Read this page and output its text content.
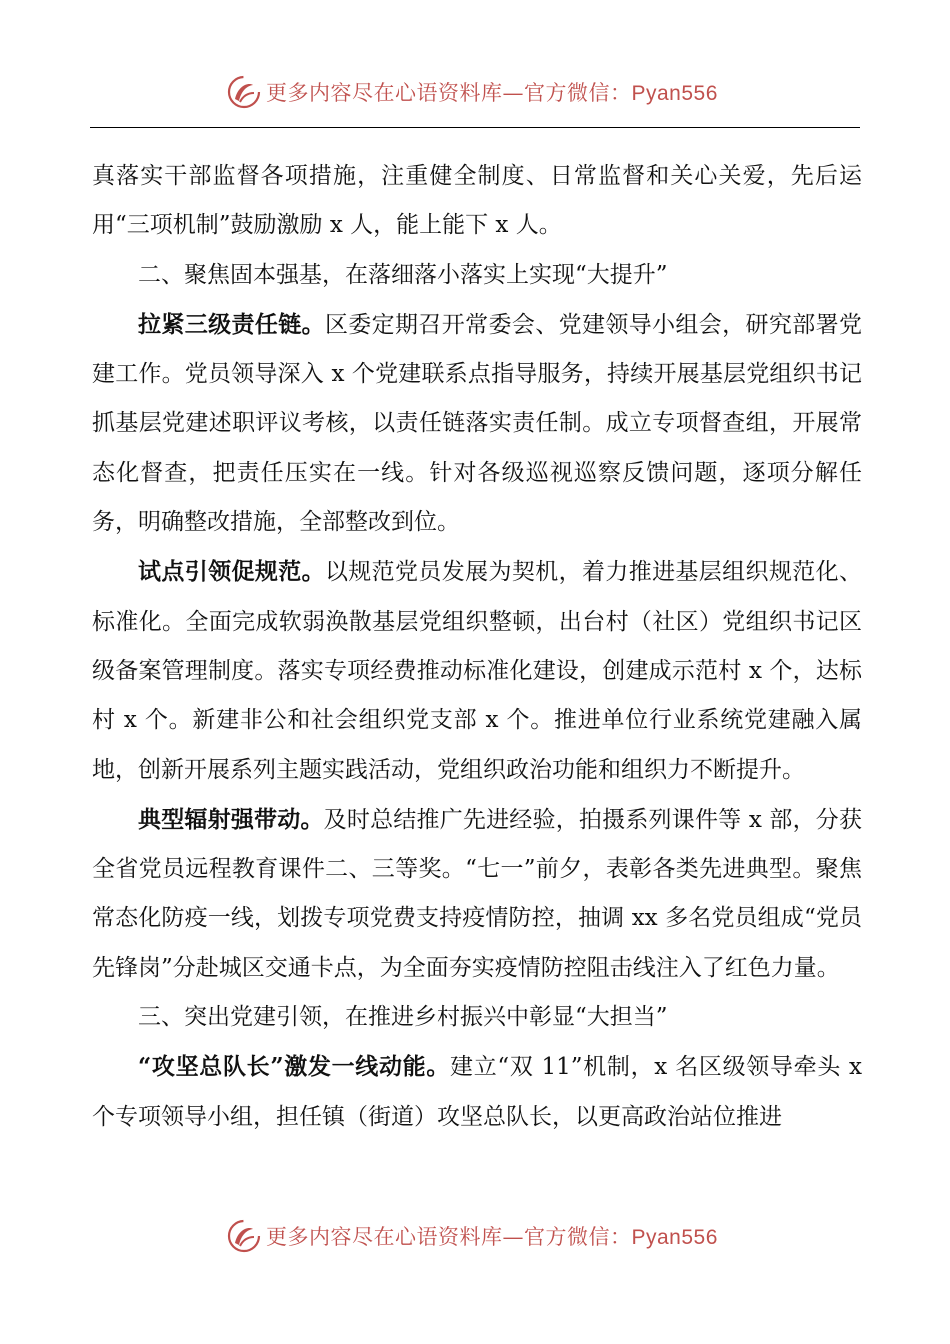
更多内容尽在心语资料库—官方微信：Pyan556

真落实干部监督各项措施，注重健全制度、日常监督和关心关爱，先后运用“三项机制”鼓励激励 x 人，能上能下 x 人。

二、聚焦固本强基，在落细落小落实上实现“大提升”

拉紧三级责任链。区委定期召开常委会、党建领导小组会，研究部署党建工作。党员领导深入 x 个党建联系点指导服务，持续开展基层党组织书记抓基层党建述职评议考核，以责任链落实责任制。成立专项督查组，开展常态化督查，把责任压实在一线。针对各级巡视巡察反馈问题，逐项分解任务，明确整改措施，全部整改到位。

试点引领促规范。以规范党员发展为契机，着力推进基层组织规范化、标准化。全面完成软弱涣散基层党组织整顿，出台村（社区）党组织书记区级备案管理制度。落实专项经费推动标准化建设，创建成示范村 x 个，达标村 x 个。新建非公和社会组织党支部 x 个。推进单位行业系统党建融入属地，创新开展系列主题实践活动，党组织政治功能和组织力不断提升。

典型辐射强带动。及时总结推广先进经验，拍摄系列课件等 x 部，分获全省党员远程教育课件二、三等奖。“七一”前夕，表彰各类先进典型。聚焦常态化防疫一线，划拨专项党费支持疫情防控，抽调 xx 多名党员组成“党员先锋岗”分赴城区交通卡点，为全面夯实疫情防控阻击线注入了红色力量。

三、突出党建引领，在推进乡村振兴中彰显“大担当”

“攻坚总队长”激发一线动能。建立“双 11”机制，x 名区级领导牵头 x 个专项领导小组，担任镇（街道）攻坚总队长，以更高政治站位推进

更多内容尽在心语资料库—官方微信：Pyan556
